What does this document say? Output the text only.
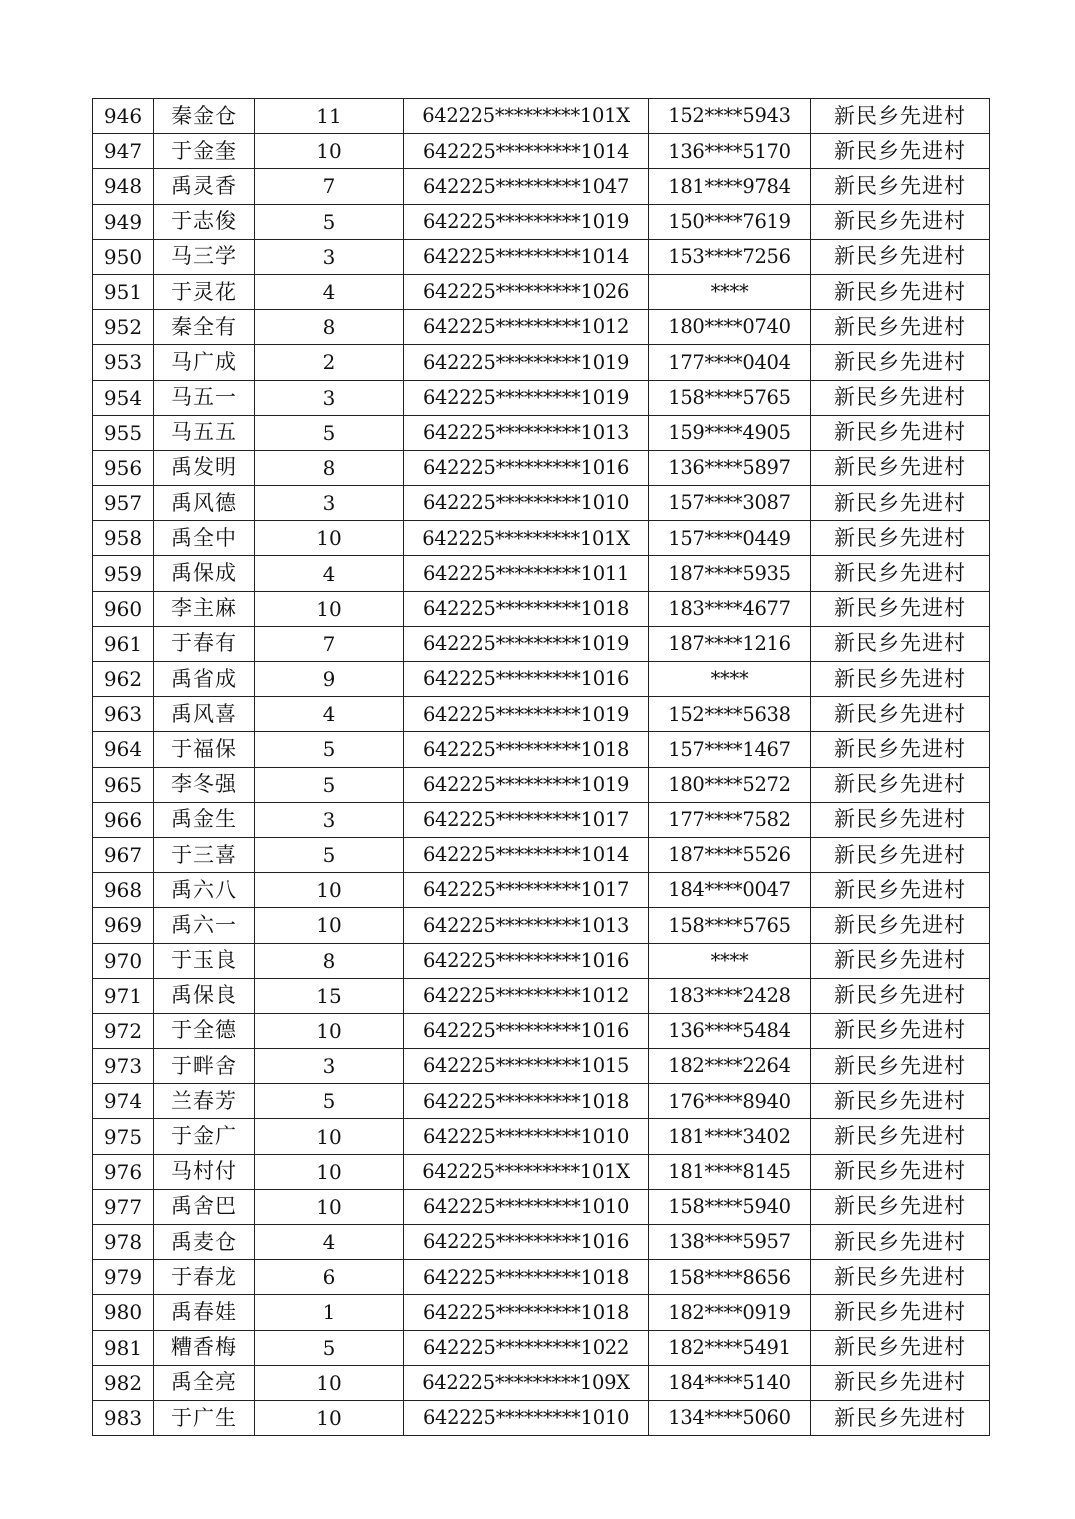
946	秦金仓	11	642225*********101X	152****5943	新民乡先进村
947	于金奎	10	642225*********1014	136****5170	新民乡先进村
948	禹灵香	7	642225*********1047	181****9784	新民乡先进村
949	于志俊	5	642225*********1019	150****7619	新民乡先进村
950	马三学	3	642225*********1014	153****7256	新民乡先进村
951	于灵花	4	642225*********1026	****	新民乡先进村
952	秦全有	8	642225*********1012	180****0740	新民乡先进村
953	马广成	2	642225*********1019	177****0404	新民乡先进村
954	马五一	3	642225*********1019	158****5765	新民乡先进村
955	马五五	5	642225*********1013	159****4905	新民乡先进村
956	禹发明	8	642225*********1016	136****5897	新民乡先进村
957	禹风德	3	642225*********1010	157****3087	新民乡先进村
958	禹全中	10	642225*********101X	157****0449	新民乡先进村
959	禹保成	4	642225*********1011	187****5935	新民乡先进村
960	李主麻	10	642225*********1018	183****4677	新民乡先进村
961	于春有	7	642225*********1019	187****1216	新民乡先进村
962	禹省成	9	642225*********1016	****	新民乡先进村
963	禹风喜	4	642225*********1019	152****5638	新民乡先进村
964	于福保	5	642225*********1018	157****1467	新民乡先进村
965	李冬强	5	642225*********1019	180****5272	新民乡先进村
966	禹金生	3	642225*********1017	177****7582	新民乡先进村
967	于三喜	5	642225*********1014	187****5526	新民乡先进村
968	禹六八	10	642225*********1017	184****0047	新民乡先进村
969	禹六一	10	642225*********1013	158****5765	新民乡先进村
970	于玉良	8	642225*********1016	****	新民乡先进村
971	禹保良	15	642225*********1012	183****2428	新民乡先进村
972	于全德	10	642225*********1016	136****5484	新民乡先进村
973	于畔舍	3	642225*********1015	182****2264	新民乡先进村
974	兰春芳	5	642225*********1018	176****8940	新民乡先进村
975	于金广	10	642225*********1010	181****3402	新民乡先进村
976	马村付	10	642225*********101X	181****8145	新民乡先进村
977	禹舍巴	10	642225*********1010	158****5940	新民乡先进村
978	禹麦仓	4	642225*********1016	138****5957	新民乡先进村
979	于春龙	6	642225*********1018	158****8656	新民乡先进村
980	禹春娃	1	642225*********1018	182****0919	新民乡先进村
981	糟香梅	5	642225*********1022	182****5491	新民乡先进村
982	禹全亮	10	642225*********109X	184****5140	新民乡先进村
983	于广生	10	642225*********1010	134****5060	新民乡先进村
